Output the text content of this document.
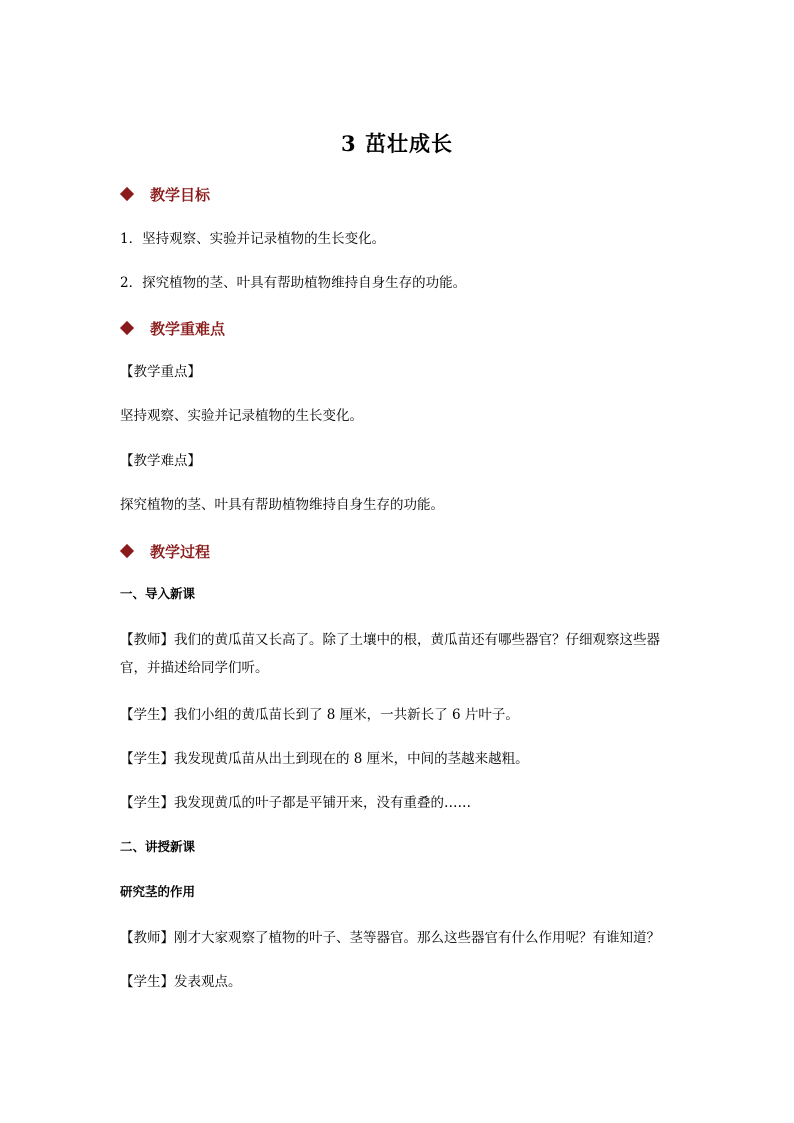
3 茁壮成长
教学目标
1．坚持观察、实验并记录植物的生长变化。
2．探究植物的茎、叶具有帮助植物维持自身生存的功能。
教学重难点
【教学重点】
坚持观察、实验并记录植物的生长变化。
【教学难点】
探究植物的茎、叶具有帮助植物维持自身生存的功能。
教学过程
一、导入新课
【教师】我们的黄瓜苗又长高了。除了土壤中的根，黄瓜苗还有哪些器官？仔细观察这些器
官，并描述给同学们听。
【学生】我们小组的黄瓜苗长到了 8 厘米，一共新长了 6 片叶子。
【学生】我发现黄瓜苗从出土到现在的 8 厘米，中间的茎越来越粗。
【学生】我发现黄瓜的叶子都是平铺开来，没有重叠的……
二、讲授新课
研究茎的作用
【教师】刚才大家观察了植物的叶子、茎等器官。那么这些器官有什么作用呢？有谁知道？
【学生】发表观点。
